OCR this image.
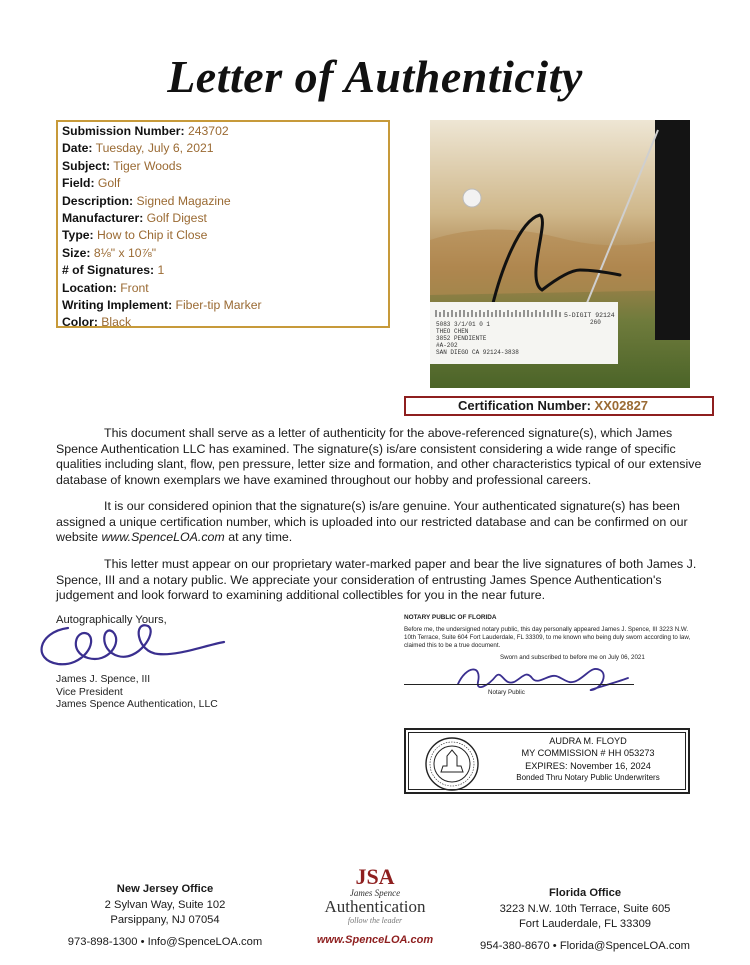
Letter of Authenticity
Submission Number: 243702
Date: Tuesday, July 6, 2021
Subject: Tiger Woods
Field: Golf
Description: Signed Magazine
Manufacturer: Golf Digest
Type: How to Chip it Close
Size: 8⅛" x 10⅞"
# of Signatures: 1
Location: Front
Writing Implement: Fiber-tip Marker
Color: Black	5-DIGIT 92124
260
5083 3/1/01 0 1
THEO CHEN
3852 PENDIENTE
#A-202
SAN DIEGO CA 92124-3838
Certification Number: XX02827
This document shall serve as a letter of authenticity for the above-referenced signature(s), which James Spence Authentication LLC has examined. The signature(s) is/are consistent considering a wide range of specific qualities including slant, flow, pen pressure, letter size and formation, and other characteristics typical of our extensive database of known exemplars we have examined throughout our hobby and professional careers.
It is our considered opinion that the signature(s) is/are genuine. Your authenticated signature(s) has been assigned a unique certification number, which is uploaded into our restricted database and can be confirmed on our website www.SpenceLOA.com at any time.
This letter must appear on our proprietary water-marked paper and bear the live signatures of both James J. Spence, III and a notary public. We appreciate your consideration of entrusting James Spence Authentication's judgement and look forward to examining additional collectibles for you in the near future.
Autographically Yours,
James J. Spence, III
Vice President
James Spence Authentication, LLC
NOTARY PUBLIC OF FLORIDA
Before me, the undersigned notary public, this day personally appeared James J. Spence, III 3223 N.W. 10th Terrace, Suite 604 Fort Lauderdale, FL 33309, to me known who being duly sworn according to law, claimed this to be a true document.
Sworn and subscribed to before me on July 06, 2021
Notary Public
AUDRA M. FLOYD
MY COMMISSION # HH 053273
EXPIRES: November 16, 2024
Bonded Thru Notary Public Underwriters
New Jersey Office
2 Sylvan Way, Suite 102
Parsippany, NJ 07054
973-898-1300 • Info@SpenceLOA.com
JSA
James Spence
Authentication
follow the leader
www.SpenceLOA.com
Florida Office
3223 N.W. 10th Terrace, Suite 605
Fort Lauderdale, FL 33309
954-380-8670 • Florida@SpenceLOA.com
